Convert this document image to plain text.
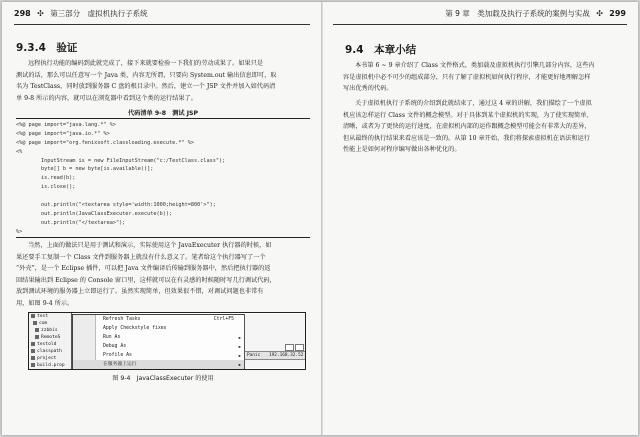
298 ✣ 第三部分　虚拟机执行子系统
9.3.4　验证
远程执行功能的编码到此就完成了，接下来就要检验一下我们的劳动成果了。如果只是
测试的话，那么可以任意写一个 Java 类，内容无所谓，只要向 System.out 输出信息即可，取
名为 TestClass，同时放到服务器 C 盘的根目录中。然后，建立一个 JSP 文件并加入如代码清
单 9-8 所示的内容，就可以在浏览器中看到这个类的运行结果了。
代码清单 9-8　测试 JSP
<%@ page import="java.lang.*" %>
<%@ page import="java.io.*" %>
<%@ page import="org.fenixsoft.classloading.execute.*" %>
<%
InputStream is = new FileInputStream("c:/TestClass.class");
byte[] b = new byte[is.available()];
is.read(b);
is.close();
out.println("<textarea style='width:1000;height=800'>");
out.println(JavaClassExecuter.execute(b));
out.println("</textarea>");
%>
当然，上面的做法只是用于测试和演示，实际使用这个 JavaExecuter 执行器的时候，如
果还要手工复制一个 Class 文件到服务器上就没有什么意义了。笔者给这个执行器写了一个
“外壳”，是一个 Eclipse 插件，可以把 Java 文件编译后传输到服务器中，然后把执行器的返
回结果输出到 Eclipse 的 Console 窗口里，这样就可以在有灵感的时候随时写几行调试代码，
放到测试环境的服务器上立即运行了。虽然实现简单，但效果很不错，对调试问题也非常有
用，如图 9-4 所示。
test
com
zzbbis
RemoteS
testold
classpath
project
build.prop
Refresh Tasks	Ctrl+F5
Apply Checkstyle fixes
Run As	▶
Debug As	▶
Profile As	▶
在服务器上运行	▶
Panic 192.168.32.52
图 9-4　JavaClassExecuter 的使用
第 9 章　类加载及执行子系统的案例与实战 ✣ 299
9.4　本章小结
本书第 6 ~ 9 章介绍了 Class 文件格式、类加载及虚拟机执行引擎几部分内容，这些内
容是虚拟机中必不可少的组成部分，只有了解了虚拟机如何执行程序，才能更好地理解怎样
写出优秀的代码。
关于虚拟机执行子系统的介绍到此就结束了，通过这 4 章的讲解，我们描绘了一个虚拟
机应该怎样运行 Class 文件的概念模型。对于具体到某个虚拟机的实现，为了使实现简单、
清晰，或者为了更快的运行速度，在虚拟机内部的运作跟概念模型可能会有非常大的差异，
但从最终的执行结果来看应该是一致的。从第 10 章开始，我们将探索虚拟机在语法和运行
性能上是如何对程序编写做出各种优化的。
